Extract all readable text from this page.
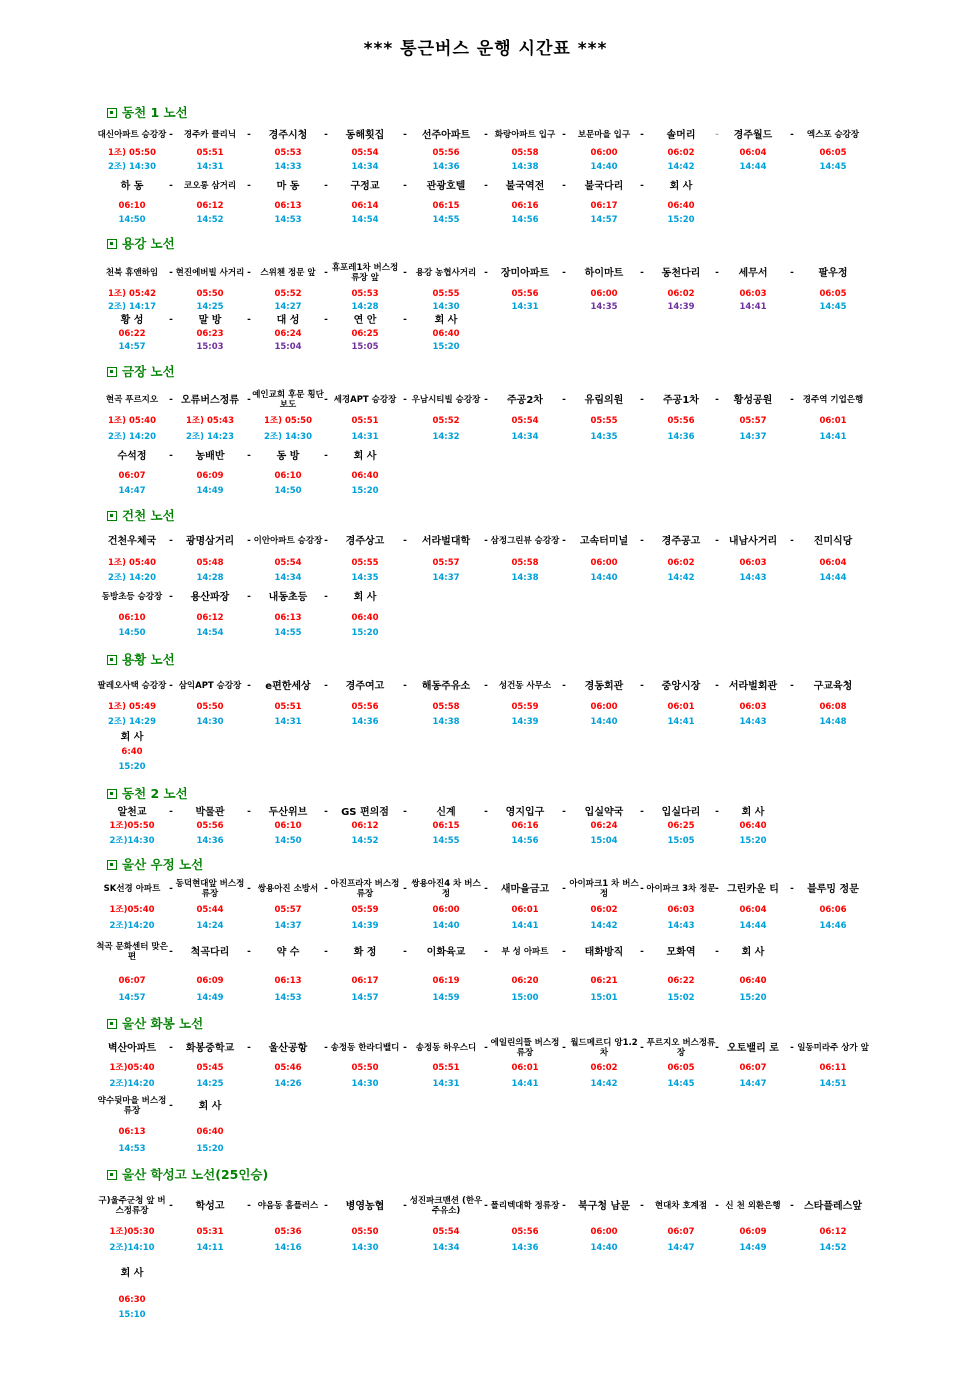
*** 통근버스 운행 시간표 ***
동천 1 노선
대신아파트 승강장 -	경주카 클리닉	-	경주시청	-	동해횟집	-	선주아파트	- 화랑아파트 입구 -	보문마을 입구	-	솔머리	-	경주월드	-	엑스포 승강장
1조) 05:50	05:51	05:53	05:54	05:56	05:58	06:00	06:02	06:04	06:05
2조) 14:30	14:31	14:33	14:34	14:36	14:38	14:40	14:42	14:44	14:45
하 동	-	코오롱 삼거리	-	마 동	-	구정교	-	관광호텔	-	불국역전	-	불국다리	-	회 사
06:10	06:12	06:13	06:14	06:15	06:16	06:17	06:40
14:50	14:52	14:53	14:54	14:55	14:56	14:57	15:20
용강 노선
천북 휴앤하임	- 현진에버빌 사거리 -	스위첸 정문 앞 - 휴포레1차 버스정류장 앞	-	용강 농협사거리 -	장미아파트	-	하이마트	-	동천다리	-	세무서	-	팔우정
1조) 05:42	05:50	05:52	05:53	05:55	05:56	06:00	06:02	06:03	06:05
2조) 14:17	14:25	14:27	14:28	14:30	14:31	14:35	14:39	14:41	14:45
황 성	-	말 방	-	대 성	-	연 안	-	회 사
06:22	06:23	06:24	06:25	06:40
14:57	15:03	15:04	15:05	15:20
금장 노선
현곡 푸르지오	- 오류버스정류 - 예인교회 후문 횡단보도	- 세경APT 승강장 - 우남시티빌 승강장 -	주공2차	-	유림의원	-	주공1차	-	황성공원	-	경주역 기업은행
1조) 05:40	1조) 05:43	1조) 05:50	05:51	05:52	05:54	05:55	05:56	05:57	06:01
2조) 14:20	2조) 14:23	2조) 14:30	14:31	14:32	14:34	14:35	14:36	14:37	14:41
수석정	-	농배반	-	동 방	-	회 사
06:07	06:09	06:10	06:40
14:47	14:49	14:50	15:20
건천 노선
건천우체국	-	광명삼거리	- 이안아파트 승강장 -	경주상고	-	서라벌대학	- 삼정그린뷰 승강장 -	고속터미널	-	경주공고	- 내남사거리	-	진미식당
1조) 05:40	05:48	05:54	05:55	05:57	05:58	06:00	06:02	06:03	06:04
2조) 14:20	14:28	14:34	14:35	14:37	14:38	14:40	14:42	14:43	14:44
동방초등 승강장 -	용산파장	-	내동초등	-	회 사
06:10	06:12	06:13	06:40
14:50	14:54	14:55	15:20
용황 노선
팔레오사택 승강장 - 삼익APT 승강장 -	e편한세상	-	경주여고	-	해동주유소	-	성건동 사무소	-	경동회관	-	중앙시장	- 서라벌회관	-	구교육청
1조) 05:49	05:50	05:51	05:56	05:58	05:59	06:00	06:01	06:03	06:08
2조) 14:29	14:30	14:31	14:36	14:38	14:39	14:40	14:41	14:43	14:48
회 사
6:40
15:20
동천 2 노선
알천교	-	박물관	-	두산위브	-	GS 편의점	-	신계	-	영지입구	-	입실약국	-	입실다리	-	회 사
1조)05:50	05:56	06:10	06:12	06:15	06:16	06:24	06:25	06:40
2조)14:30	14:36	14:50	14:52	14:55	14:56	15:04	15:05	15:20
울산 우정 노선
SK선경 아파트 - 동덕현대앞 버스정류장	- 쌍용아진 소방서 - 아진프라자 버스정류장	- 쌍용아진4 차 버스정	-	새마을금고	- 아이파크1 차 버스정	- 아이파크 3차 정문 - 그린카운 티	-	블루밍 정문
1조)05:40	05:44	05:57	05:59	06:00	06:01	06:02	06:03	06:04	06:06
2조)14:20	14:24	14:37	14:39	14:40	14:41	14:42	14:43	14:44	14:46
척곡 문화센터 맞은편	-	척곡다리	-	약 수	-	화 정	-	이화육교	-	부 성 아파트	-	태화방직	-	모화역	-	회 사
06:07	06:09	06:13	06:17	06:19	06:20	06:21	06:22	06:40
14:57	14:49	14:53	14:57	14:59	15:00	15:01	15:02	15:20
울산 화봉 노선
벽산아파트	-	화봉중학교	-	울산공항	- 송정동 한라디밸디 -	송정동 하우스디 - 에일린의뜰 버스정류장	- 월드메르디 앙1.2차	- 푸르지오 버스정류장	- 오토밸리 로	- 일동미라주 상가 앞
1조)05:40	05:45	05:46	05:50	05:51	06:01	06:02	06:05	06:07	06:11
2조)14:20	14:25	14:26	14:30	14:31	14:41	14:42	14:45	14:47	14:51
약수뒷마을 버스정류장	-	회 사
06:13	06:40
14:53	15:20
울산 학성고 노선(25인승)
구)울주군청 앞 버스정류장	-	학성고	- 야음동 홈플러스 -	병영농협	- 성진파크맨션 (한우주유소)	- 폴리텍대학 정류장 -	북구청 남문	-	현대차 호계점 - 신 천 외환은행	-	스타플레스앞
1조)05:30	05:31	05:36	05:50	05:54	05:56	06:00	06:07	06:09	06:12
2조)14:10	14:11	14:16	14:30	14:34	14:36	14:40	14:47	14:49	14:52
회 사
06:30
15:10
